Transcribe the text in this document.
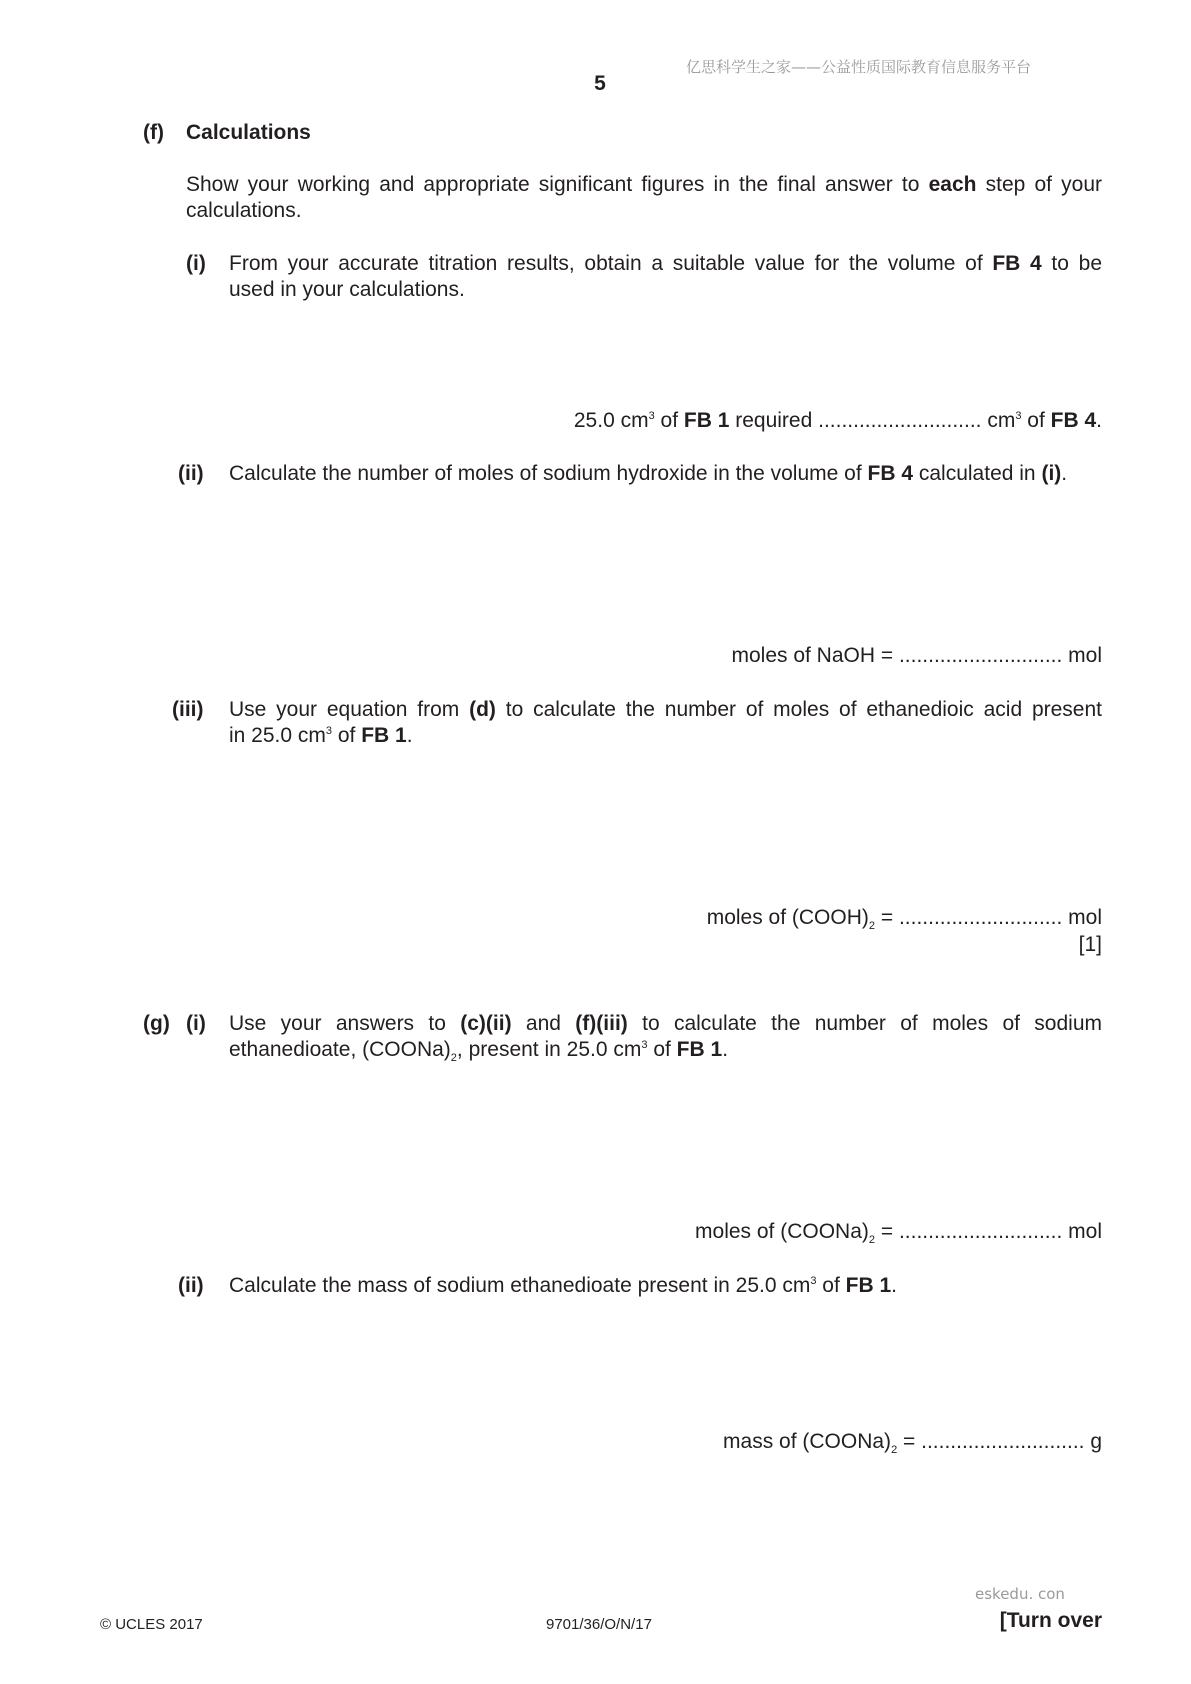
亿思科学生之家——公益性质国际教育信息服务平台
5
(f) Calculations
Show your working and appropriate significant figures in the final answer to each step of your
calculations.
(i) From your accurate titration results, obtain a suitable value for the volume of FB 4 to be
used in your calculations.
25.0 $cm^3$ of FB 1 required ............................ $cm^3$ of FB 4.
(ii) Calculate the number of moles of sodium hydroxide in the volume of FB 4 calculated in (i).
moles of NaOH = ............................ mol
(iii) Use your equation from (d) to calculate the number of moles of ethanedioic acid present
in 25.0 $cm^3$ of FB 1.
moles of $(COOH)_2$ = ............................ mol
[1]
(g) (i) Use your answers to (c)(ii) and (f)(iii) to calculate the number of moles of sodium
ethanedioate, $(COONa)_2$, present in 25.0 $cm^3$ of FB 1.
moles of $(COONa)_2$ = ............................ mol
(ii) Calculate the mass of sodium ethanedioate present in 25.0 $cm^3$ of FB 1.
mass of $(COONa)_2$ = ............................ g
eskedu. con
© UCLES 2017	9701/36/O/N/17	[Turn over
